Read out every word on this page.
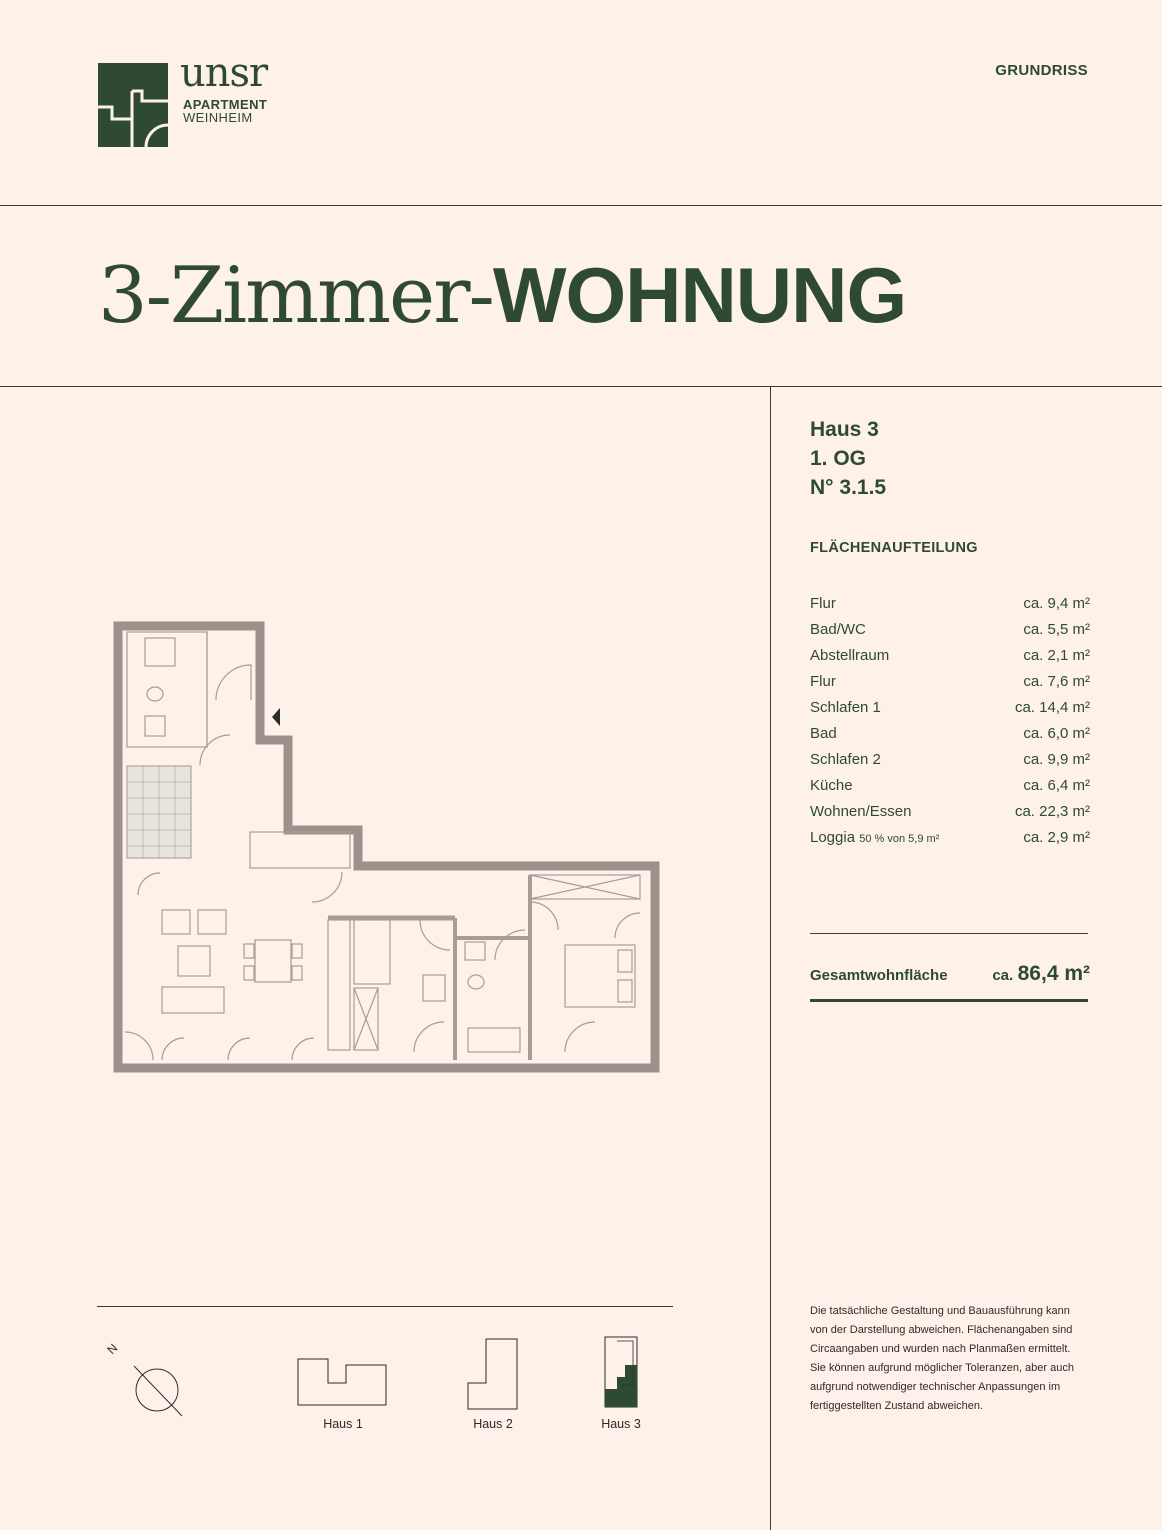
unsr
APARTMENT
WEINHEIM
GRUNDRISS
3-Zimmer-WOHNUNG
Haus 3
1. OG
N° 3.1.5
FLÄCHENAUFTEILUNG
Flur	ca. 9,4 m²
Bad/WC	ca. 5,5 m²
Abstellraum	ca. 2,1 m²
Flur	ca. 7,6 m²
Schlafen 1	ca. 14,4 m²
Bad	ca. 6,0 m²
Schlafen 2	ca. 9,9 m²
Küche	ca. 6,4 m²
Wohnen/Essen	ca. 22,3 m²
Loggia 50 % von 5,9 m²	ca. 2,9 m²
Gesamtwohnfläche	ca. 86,4 m²
Die tatsächliche Gestaltung und Bauausführung kann
von der Darstellung abweichen. Flächenangaben sind
Circaangaben und wurden nach Planmaßen ermittelt.
Sie können aufgrund möglicher Toleranzen, aber auch
aufgrund notwendiger technischer Anpassungen im
fertiggestellten Zustand abweichen.
N
Haus 1	Haus 2	Haus 3
